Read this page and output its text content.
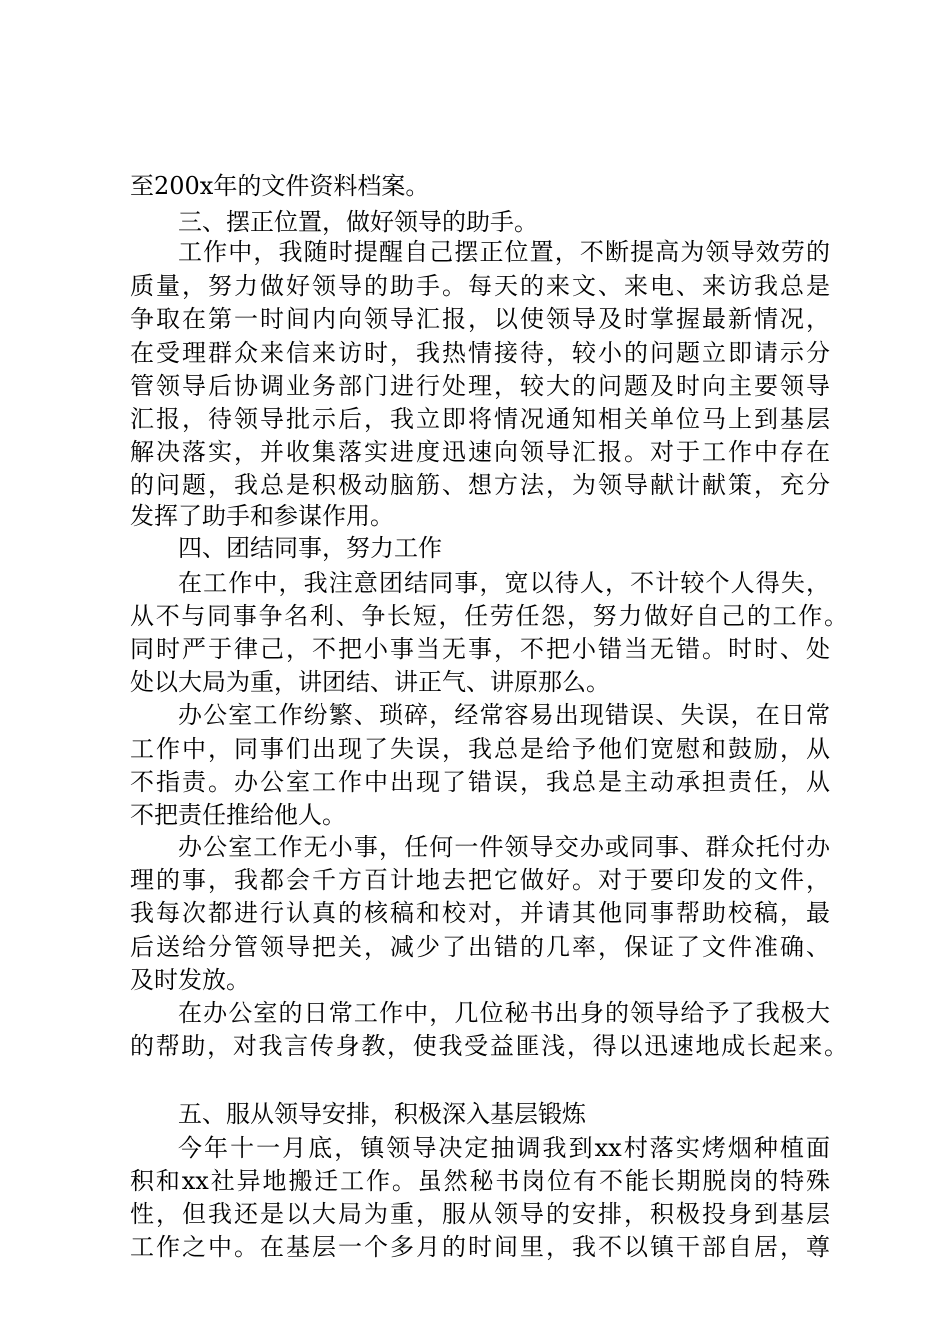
至200x年的文件资料档案。
三、摆正位置，做好领导的助手。
工作中，我随时提醒自己摆正位置，不断提高为领导效劳的
质量，努力做好领导的助手。每天的来文、来电、来访我总是
争取在第一时间内向领导汇报，以使领导及时掌握最新情况，
在受理群众来信来访时，我热情接待，较小的问题立即请示分
管领导后协调业务部门进行处理，较大的问题及时向主要领导
汇报，待领导批示后，我立即将情况通知相关单位马上到基层
解决落实，并收集落实进度迅速向领导汇报。对于工作中存在
的问题，我总是积极动脑筋、想方法，为领导献计献策，充分
发挥了助手和参谋作用。
四、团结同事，努力工作
在工作中，我注意团结同事，宽以待人，不计较个人得失，
从不与同事争名利、争长短，任劳任怨，努力做好自己的工作。
同时严于律己，不把小事当无事，不把小错当无错。时时、处
处以大局为重，讲团结、讲正气、讲原那么。
办公室工作纷繁、琐碎，经常容易出现错误、失误，在日常
工作中，同事们出现了失误，我总是给予他们宽慰和鼓励，从
不指责。办公室工作中出现了错误，我总是主动承担责任，从
不把责任推给他人。
办公室工作无小事，任何一件领导交办或同事、群众托付办
理的事，我都会千方百计地去把它做好。对于要印发的文件，
我每次都进行认真的核稿和校对，并请其他同事帮助校稿，最
后送给分管领导把关，减少了出错的几率，保证了文件准确、
及时发放。
在办公室的日常工作中，几位秘书出身的领导给予了我极大
的帮助，对我言传身教，使我受益匪浅，得以迅速地成长起来。
五、服从领导安排，积极深入基层锻炼
今年十一月底，镇领导决定抽调我到xx村落实烤烟种植面
积和xx社异地搬迁工作。虽然秘书岗位有不能长期脱岗的特殊
性，但我还是以大局为重，服从领导的安排，积极投身到基层
工作之中。在基层一个多月的时间里，我不以镇干部自居，尊
